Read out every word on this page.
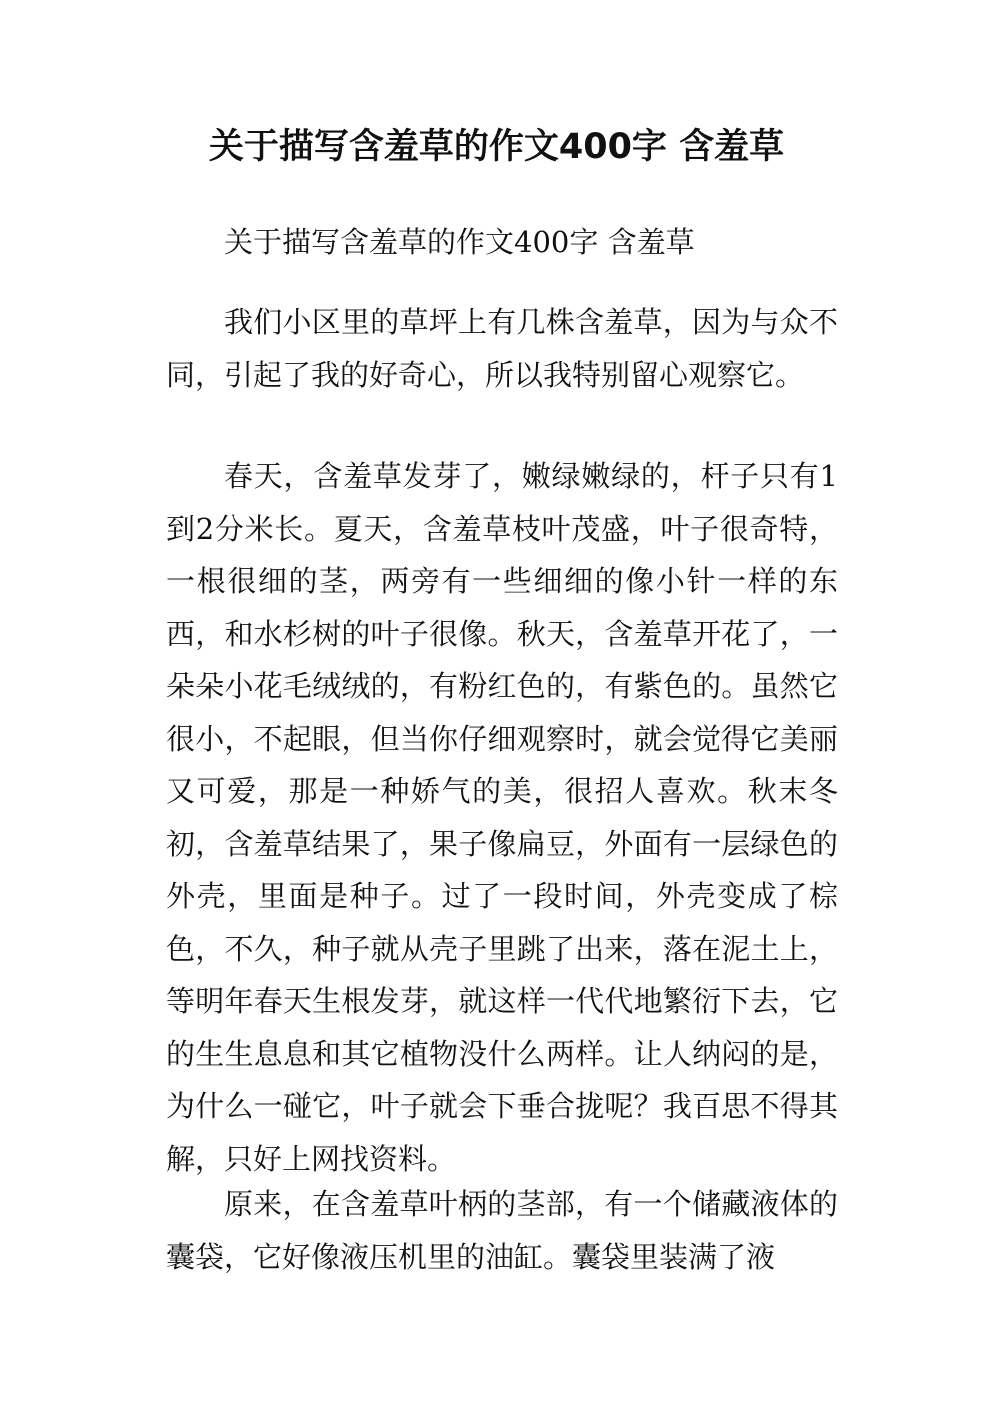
关于描写含羞草的作文400字 含羞草

关于描写含羞草的作文400字 含羞草

我们小区里的草坪上有几株含羞草，因为与众不同，引起了我的好奇心，所以我特别留心观察它。

春天，含羞草发芽了，嫩绿嫩绿的，杆子只有1到2分米长。夏天，含羞草枝叶茂盛，叶子很奇特，一根很细的茎，两旁有一些细细的像小针一样的东西，和水杉树的叶子很像。秋天，含羞草开花了，一朵朵小花毛绒绒的，有粉红色的，有紫色的。虽然它很小，不起眼，但当你仔细观察时，就会觉得它美丽又可爱，那是一种娇气的美，很招人喜欢。秋末冬初，含羞草结果了，果子像扁豆，外面有一层绿色的外壳，里面是种子。过了一段时间，外壳变成了棕色，不久，种子就从壳子里跳了出来，落在泥土上，等明年春天生根发芽，就这样一代代地繁衍下去，它的生生息息和其它植物没什么两样。让人纳闷的是，为什么一碰它，叶子就会下垂合拢呢？我百思不得其解，只好上网找资料。

原来，在含羞草叶柄的茎部，有一个储藏液体的囊袋，它好像液压机里的油缸。囊袋里装满了液
